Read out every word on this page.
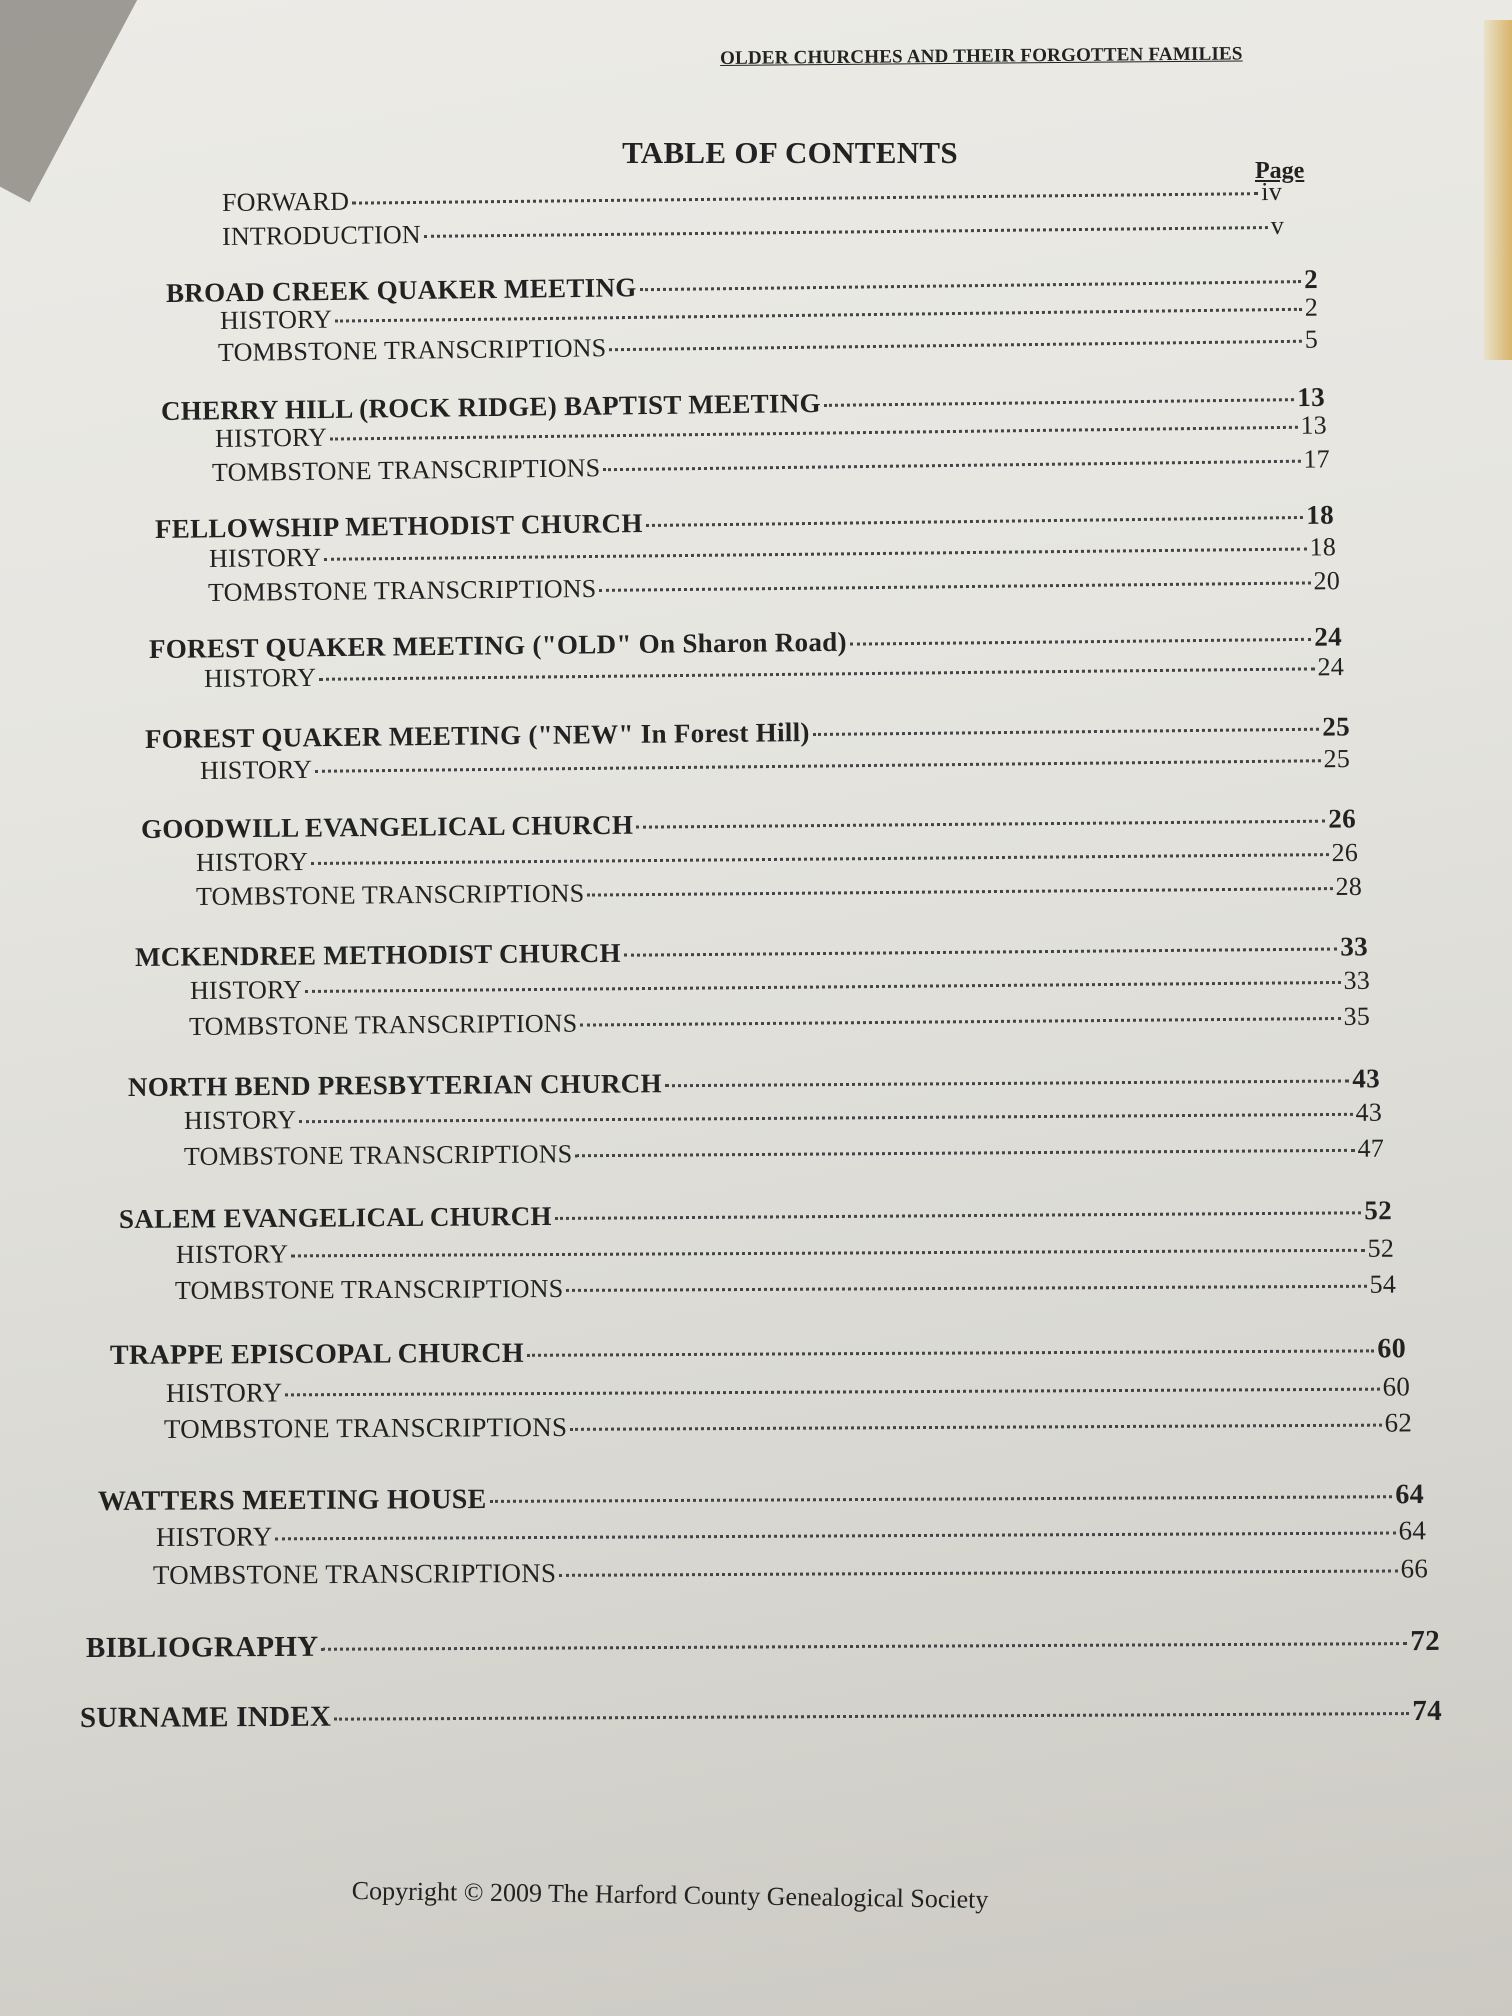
OLDER CHURCHES AND THEIR FORGOTTEN FAMILIES
TABLE OF CONTENTS
Page
FORWARD	iv
INTRODUCTION	v
BROAD CREEK QUAKER MEETING	2
HISTORY	2
TOMBSTONE TRANSCRIPTIONS	5
CHERRY HILL (ROCK RIDGE) BAPTIST MEETING	13
HISTORY	13
TOMBSTONE TRANSCRIPTIONS	17
FELLOWSHIP METHODIST CHURCH	18
HISTORY	18
TOMBSTONE TRANSCRIPTIONS	20
FOREST QUAKER MEETING ("OLD" On Sharon Road)	24
HISTORY	24
FOREST QUAKER MEETING ("NEW" In Forest Hill)	25
HISTORY	25
GOODWILL EVANGELICAL CHURCH	26
HISTORY	26
TOMBSTONE TRANSCRIPTIONS	28
MCKENDREE METHODIST CHURCH	33
HISTORY	33
TOMBSTONE TRANSCRIPTIONS	35
NORTH BEND PRESBYTERIAN CHURCH	43
HISTORY	43
TOMBSTONE TRANSCRIPTIONS	47
SALEM EVANGELICAL CHURCH	52
HISTORY	52
TOMBSTONE TRANSCRIPTIONS	54
TRAPPE EPISCOPAL CHURCH	60
HISTORY	60
TOMBSTONE TRANSCRIPTIONS	62
WATTERS MEETING HOUSE	64
HISTORY	64
TOMBSTONE TRANSCRIPTIONS	66
BIBLIOGRAPHY	72
SURNAME INDEX	74
Copyright © 2009 The Harford County Genealogical Society
